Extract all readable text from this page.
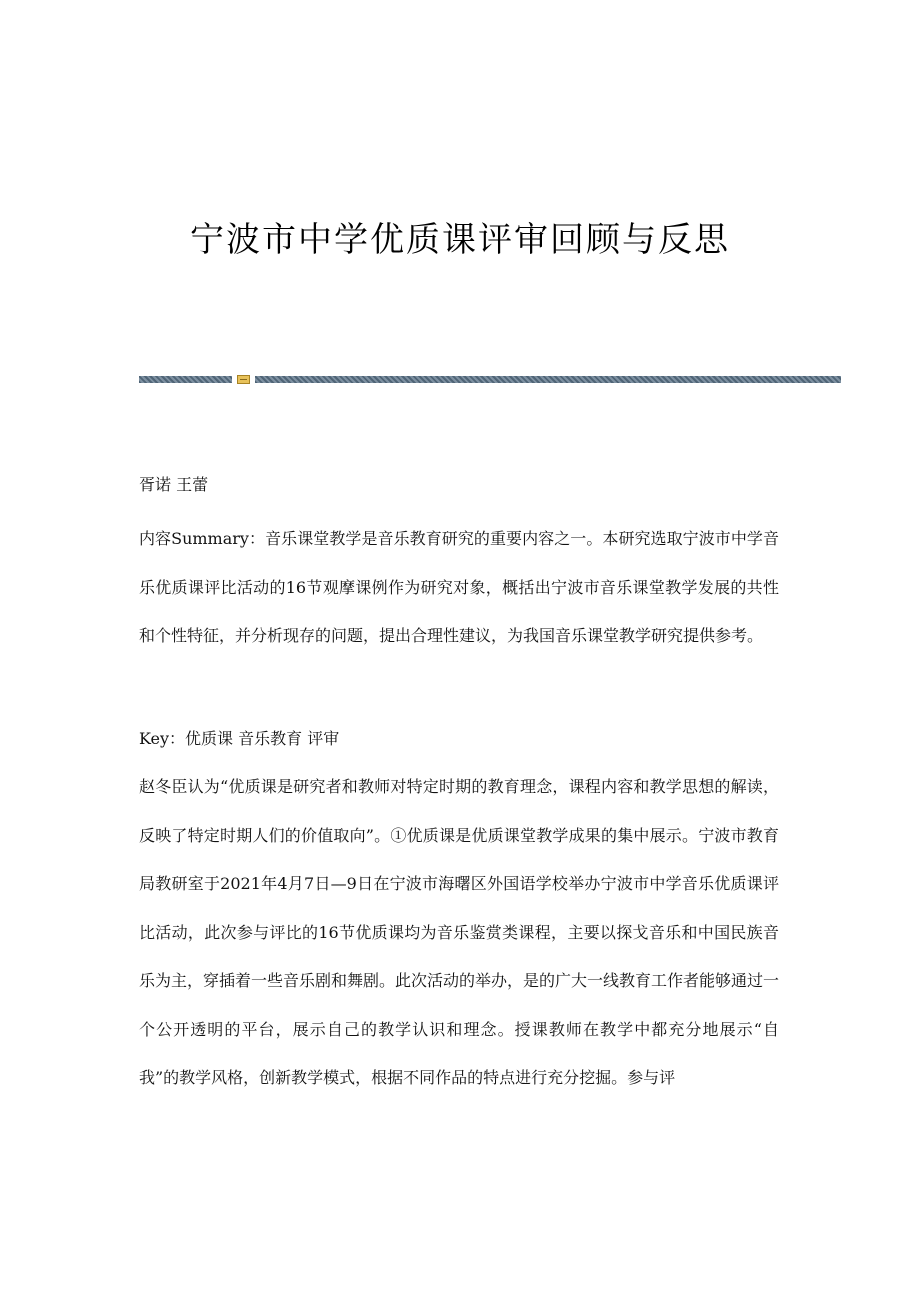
宁波市中学优质课评审回顾与反思
胥诺 王蕾

内容Summary：音乐课堂教学是音乐教育研究的重要内容之一。本研究选取宁波市中学音乐优质课评比活动的16节观摩课例作为研究对象，概括出宁波市音乐课堂教学发展的共性和个性特征，并分析现存的问题，提出合理性建议，为我国音乐课堂教学研究提供参考。

Key：优质课 音乐教育 评审

赵冬臣认为“优质课是研究者和教师对特定时期的教育理念，课程内容和教学思想的解读，反映了特定时期人们的价值取向”。①优质课是优质课堂教学成果的集中展示。宁波市教育局教研室于2021年4月7日—9日在宁波市海曙区外国语学校举办宁波市中学音乐优质课评比活动，此次参与评比的16节优质课均为音乐鉴赏类课程，主要以探戈音乐和中国民族音乐为主，穿插着一些音乐剧和舞剧。此次活动的举办，是的广大一线教育工作者能够通过一个公开透明的平台，展示自己的教学认识和理念。授课教师在教学中都充分地展示“自我”的教学风格，创新教学模式，根据不同作品的特点进行充分挖掘。参与评
